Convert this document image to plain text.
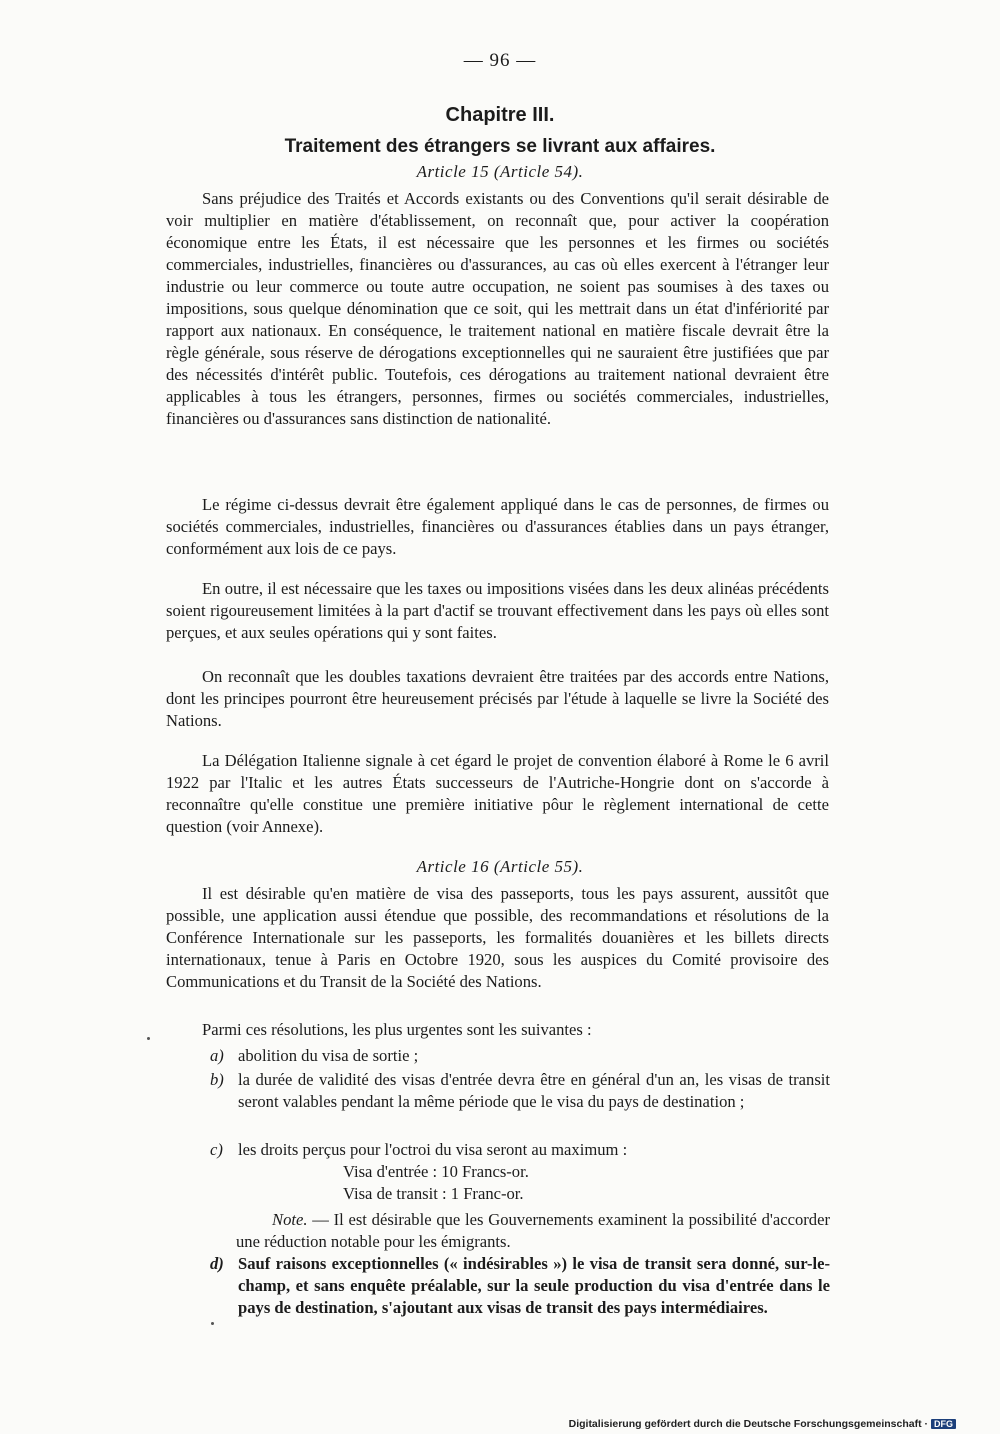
— 96 —
Chapitre III.
Traitement des étrangers se livrant aux affaires.
Article 15 (Article 54).

Sans préjudice des Traités et Accords existants ou des Conventions qu'il serait désirable de voir multiplier en matière d'établissement, on reconnaît que, pour activer la coopération économique entre les États, il est nécessaire que les personnes et les firmes ou sociétés commerciales, industrielles, financières ou d'assurances, au cas où elles exercent à l'étranger leur industrie ou leur commerce ou toute autre occupation, ne soient pas soumises à des taxes ou impositions, sous quelque dénomination que ce soit, qui les mettrait dans un état d'infériorité par rapport aux nationaux. En conséquence, le traitement national en matière fiscale devrait être la règle générale, sous réserve de dérogations exceptionnelles qui ne sauraient être justifiées que par des nécessités d'intérêt public. Toutefois, ces dérogations au traitement national devraient être applicables à tous les étrangers, personnes, firmes ou sociétés commerciales, industrielles, financières ou d'assurances sans distinction de nationalité.

Le régime ci-dessus devrait être également appliqué dans le cas de personnes, de firmes ou sociétés commerciales, industrielles, financières ou d'assurances établies dans un pays étranger, conformément aux lois de ce pays.

En outre, il est nécessaire que les taxes ou impositions visées dans les deux alinéas précédents soient rigoureusement limitées à la part d'actif se trouvant effectivement dans les pays où elles sont perçues, et aux seules opérations qui y sont faites.

On reconnaît que les doubles taxations devraient être traitées par des accords entre Nations, dont les principes pourront être heureusement précisés par l'étude à laquelle se livre la Société des Nations.

La Délégation Italienne signale à cet égard le projet de convention élaboré à Rome le 6 avril 1922 par l'Italic et les autres États successeurs de l'Autriche-Hongrie dont on s'accorde à reconnaître qu'elle constitue une première initiative pôur le règlement international de cette question (voir Annexe).

Article 16 (Article 55).

Il est désirable qu'en matière de visa des passeports, tous les pays assurent, aussitôt que possible, une application aussi étendue que possible, des recommandations et résolutions de la Conférence Internationale sur les passeports, les formalités douanières et les billets directs internationaux, tenue à Paris en Octobre 1920, sous les auspices du Comité provisoire des Communications et du Transit de la Société des Nations.

Parmi ces résolutions, les plus urgentes sont les suivantes :

a) abolition du visa de sortie ;
b) la durée de validité des visas d'entrée devra être en général d'un an, les visas de transit seront valables pendant la même période que le visa du pays de destination ;
c) les droits perçus pour l'octroi du visa seront au maximum :
Visa d'entrée : 10 Francs-or.
Visa de transit : 1 Franc-or.
Note. — Il est désirable que les Gouvernements examinent la possibilité d'accorder une réduction notable pour les émigrants.
d) Sauf raisons exceptionnelles (« indésirables ») le visa de transit sera donné, sur-le-champ, et sans enquête préalable, sur la seule production du visa d'entrée dans le pays de destination, s'ajoutant aux visas de transit des pays intermédiaires.
Digitalisierung gefördert durch die Deutsche Forschungsgemeinschaft · DFG
